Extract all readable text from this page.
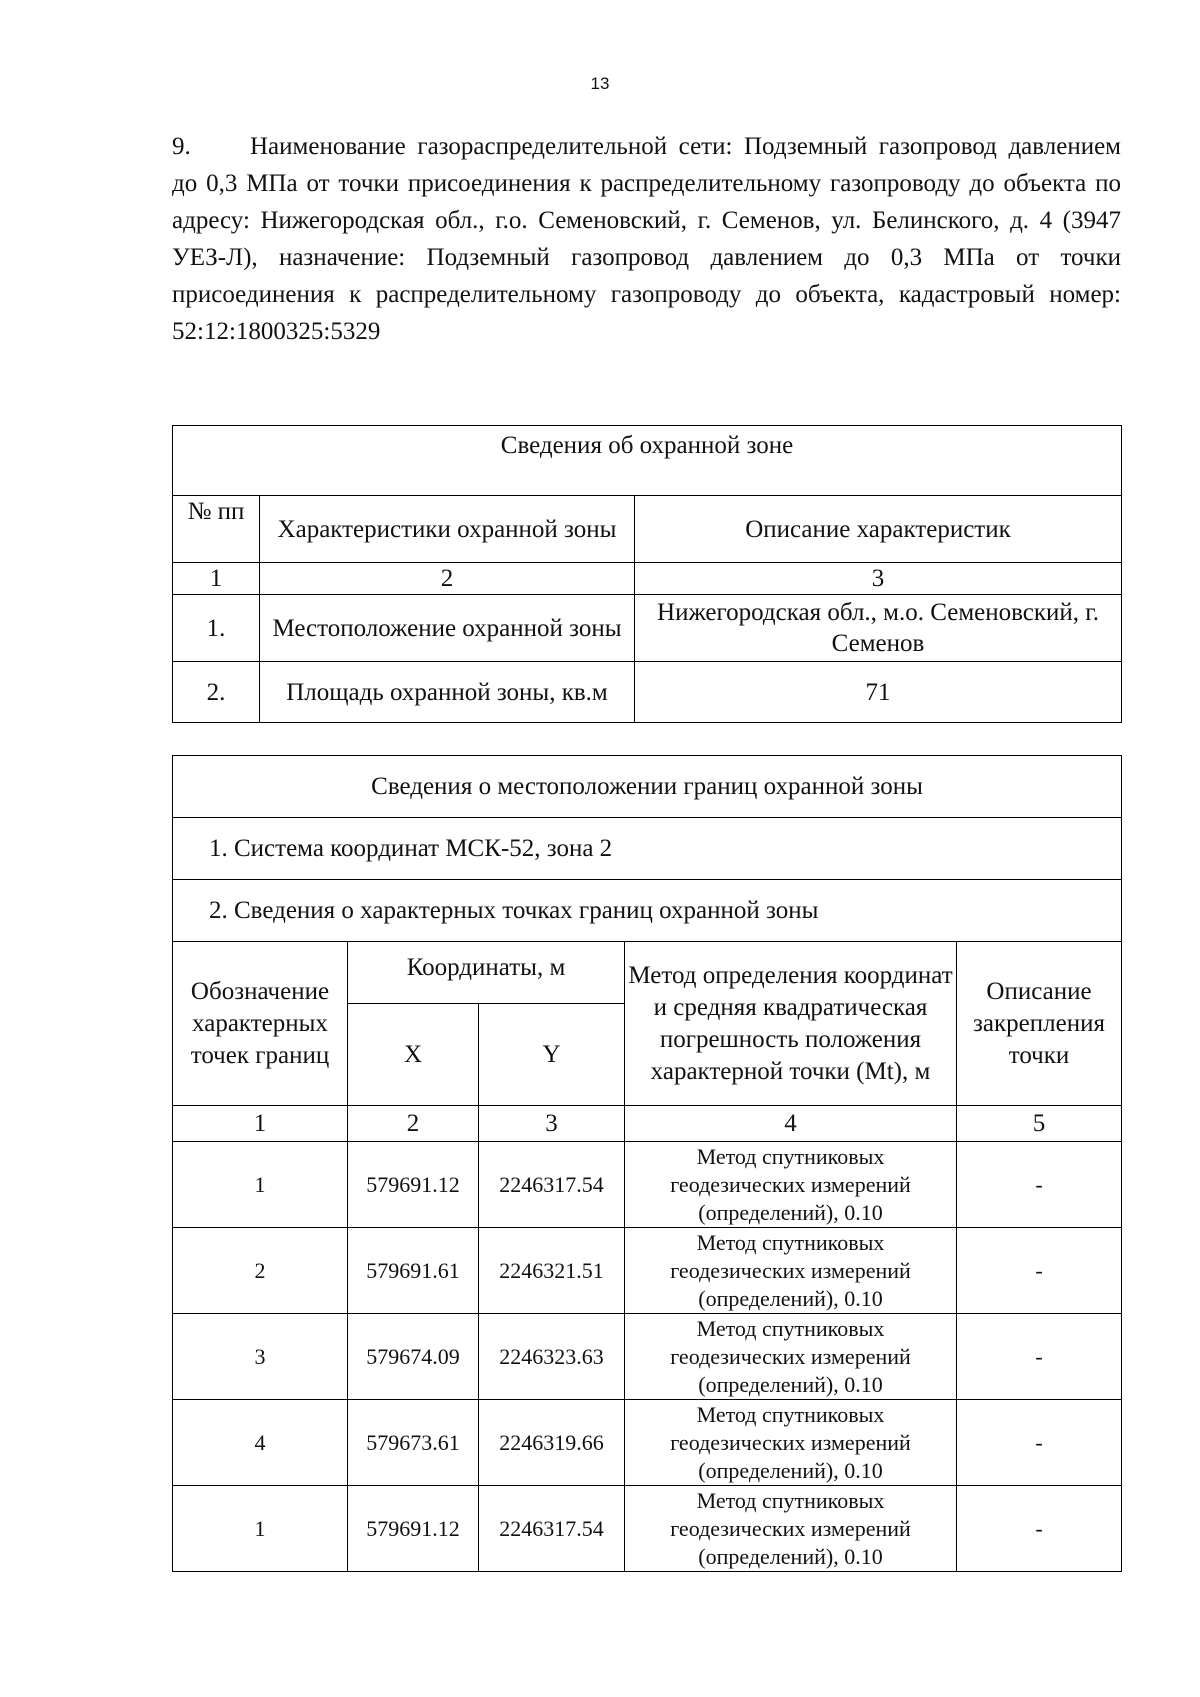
13

9. Наименование газораспределительной сети: Подземный газопровод давлением до 0,3 МПа от точки присоединения к распределительному газопроводу до объекта по адресу: Нижегородская обл., г.о. Семеновский, г. Семенов, ул. Белинского, д. 4 (3947 УЕЗ-Л), назначение: Подземный газопровод давлением до 0,3 МПа от точки присоединения к распределительному газопроводу до объекта, кадастровый номер: 52:12:1800325:5329

Сведения об охранной зоне		
№ пп	Характеристики охранной зоны	Описание характеристик
1	2	3
1.	Местоположение охранной зоны	Нижегородская обл., м.о. Семеновский, г. Семенов
2.	Площадь охранной зоны, кв.м	71
Сведения о местоположении границ охранной зоны				
1. Система координат МСК-52, зона 2				
2. Сведения о характерных точках границ охранной зоны				
Обозначение характерных точек границ	Координаты, м		Метод определения координат и средняя квадратическая погрешность положения характерной точки (Mt), м	Описание закрепления точки
	X	Y		
1	2	3	4	5
1	579691.12	2246317.54	Метод спутниковых геодезических измерений (определений), 0.10	-
2	579691.61	2246321.51	Метод спутниковых геодезических измерений (определений), 0.10	-
3	579674.09	2246323.63	Метод спутниковых геодезических измерений (определений), 0.10	-
4	579673.61	2246319.66	Метод спутниковых геодезических измерений (определений), 0.10	-
1	579691.12	2246317.54	Метод спутниковых геодезических измерений (определений), 0.10	-
